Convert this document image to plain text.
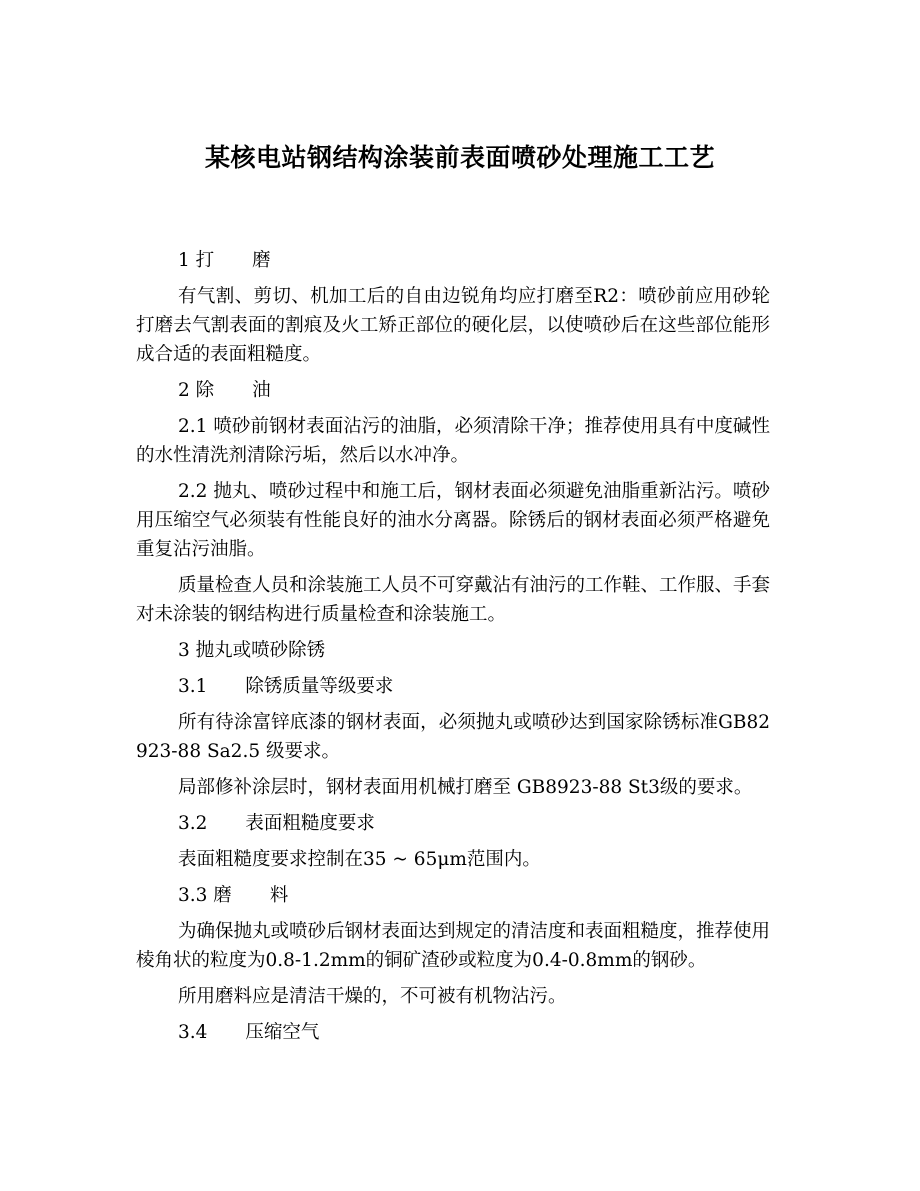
某核电站钢结构涂装前表面喷砂处理施工工艺

1 打 磨

有气割、剪切、机加工后的自由边锐角均应打磨至R2：喷砂前应用砂轮打磨去气割表面的割痕及火工矫正部位的硬化层，以使喷砂后在这些部位能形成合适的表面粗糙度。

2 除 油

2.1 喷砂前钢材表面沾污的油脂，必须清除干净；推荐使用具有中度碱性的水性清洗剂清除污垢，然后以水冲净。

2.2 抛丸、喷砂过程中和施工后，钢材表面必须避免油脂重新沾污。喷砂用压缩空气必须装有性能良好的油水分离器。除锈后的钢材表面必须严格避免重复沾污油脂。

质量检查人员和涂装施工人员不可穿戴沾有油污的工作鞋、工作服、手套对未涂装的钢结构进行质量检查和涂装施工。

3 抛丸或喷砂除锈

3.1 除锈质量等级要求

所有待涂富锌底漆的钢材表面，必须抛丸或喷砂达到国家除锈标准GB82923-88 Sa2.5 级要求。

局部修补涂层时，钢材表面用机械打磨至 GB8923-88 St3级的要求。

3.2 表面粗糙度要求

表面粗糙度要求控制在35 ~ 65μm范围内。

3.3 磨 料

为确保抛丸或喷砂后钢材表面达到规定的清洁度和表面粗糙度，推荐使用棱角状的粒度为0.8-1.2mm的铜矿渣砂或粒度为0.4-0.8mm的钢砂。

所用磨料应是清洁干燥的，不可被有机物沾污。

3.4 压缩空气
